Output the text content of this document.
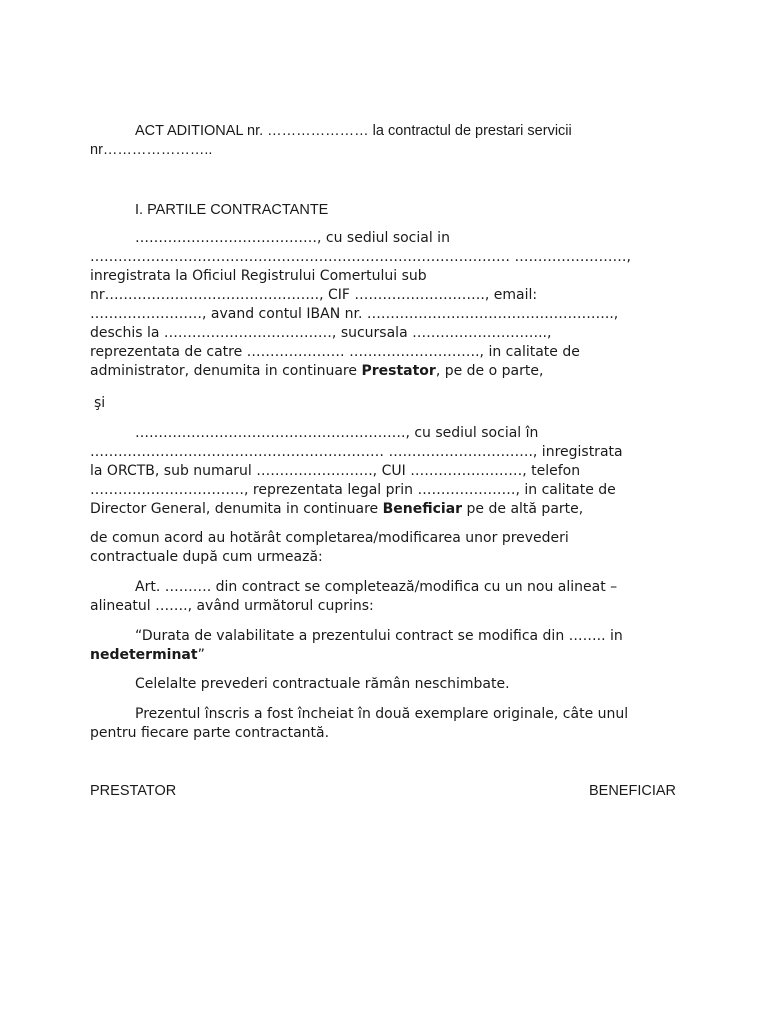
ACT ADITIONAL nr. ………………… la contractul de prestari servicii
nr…………………..
I. PARTILE CONTRACTANTE
…………………………………, cu sediul social in
……………………………………………………………………………… ……………………,
inregistrata la Oficiul Registrului Comertului sub
nr………………………………………., CIF ………………………., email:
……………………, avand contul IBAN nr. ……………………………………………..,
deschis la ………………………………, sucursala ………………………..,
reprezentata de catre ………………… ………………………., in calitate de
administrator, denumita in continuare Prestator, pe de o parte,
şi
…………………………………………………., cu sediul social în
……………………………………………………… …………………………., inregistrata
la ORCTB, sub numarul ……………………., CUI ……………………, telefon
……………………………, reprezentata legal prin …………………, in calitate de
Director General, denumita in continuare Beneficiar pe de altă parte,
de comun acord au hotărât completarea/modificarea unor prevederi
contractuale după cum urmează:
Art. ………. din contract se completează/modifica cu un nou alineat –
alineatul ……., având următorul cuprins:
“Durata de valabilitate a prezentului contract se modifica din …….. in
nedeterminat”
Celelalte prevederi contractuale rămân neschimbate.
Prezentul înscris a fost încheiat în două exemplare originale, câte unul
pentru fiecare parte contractantă.
PRESTATOR	BENEFICIAR
